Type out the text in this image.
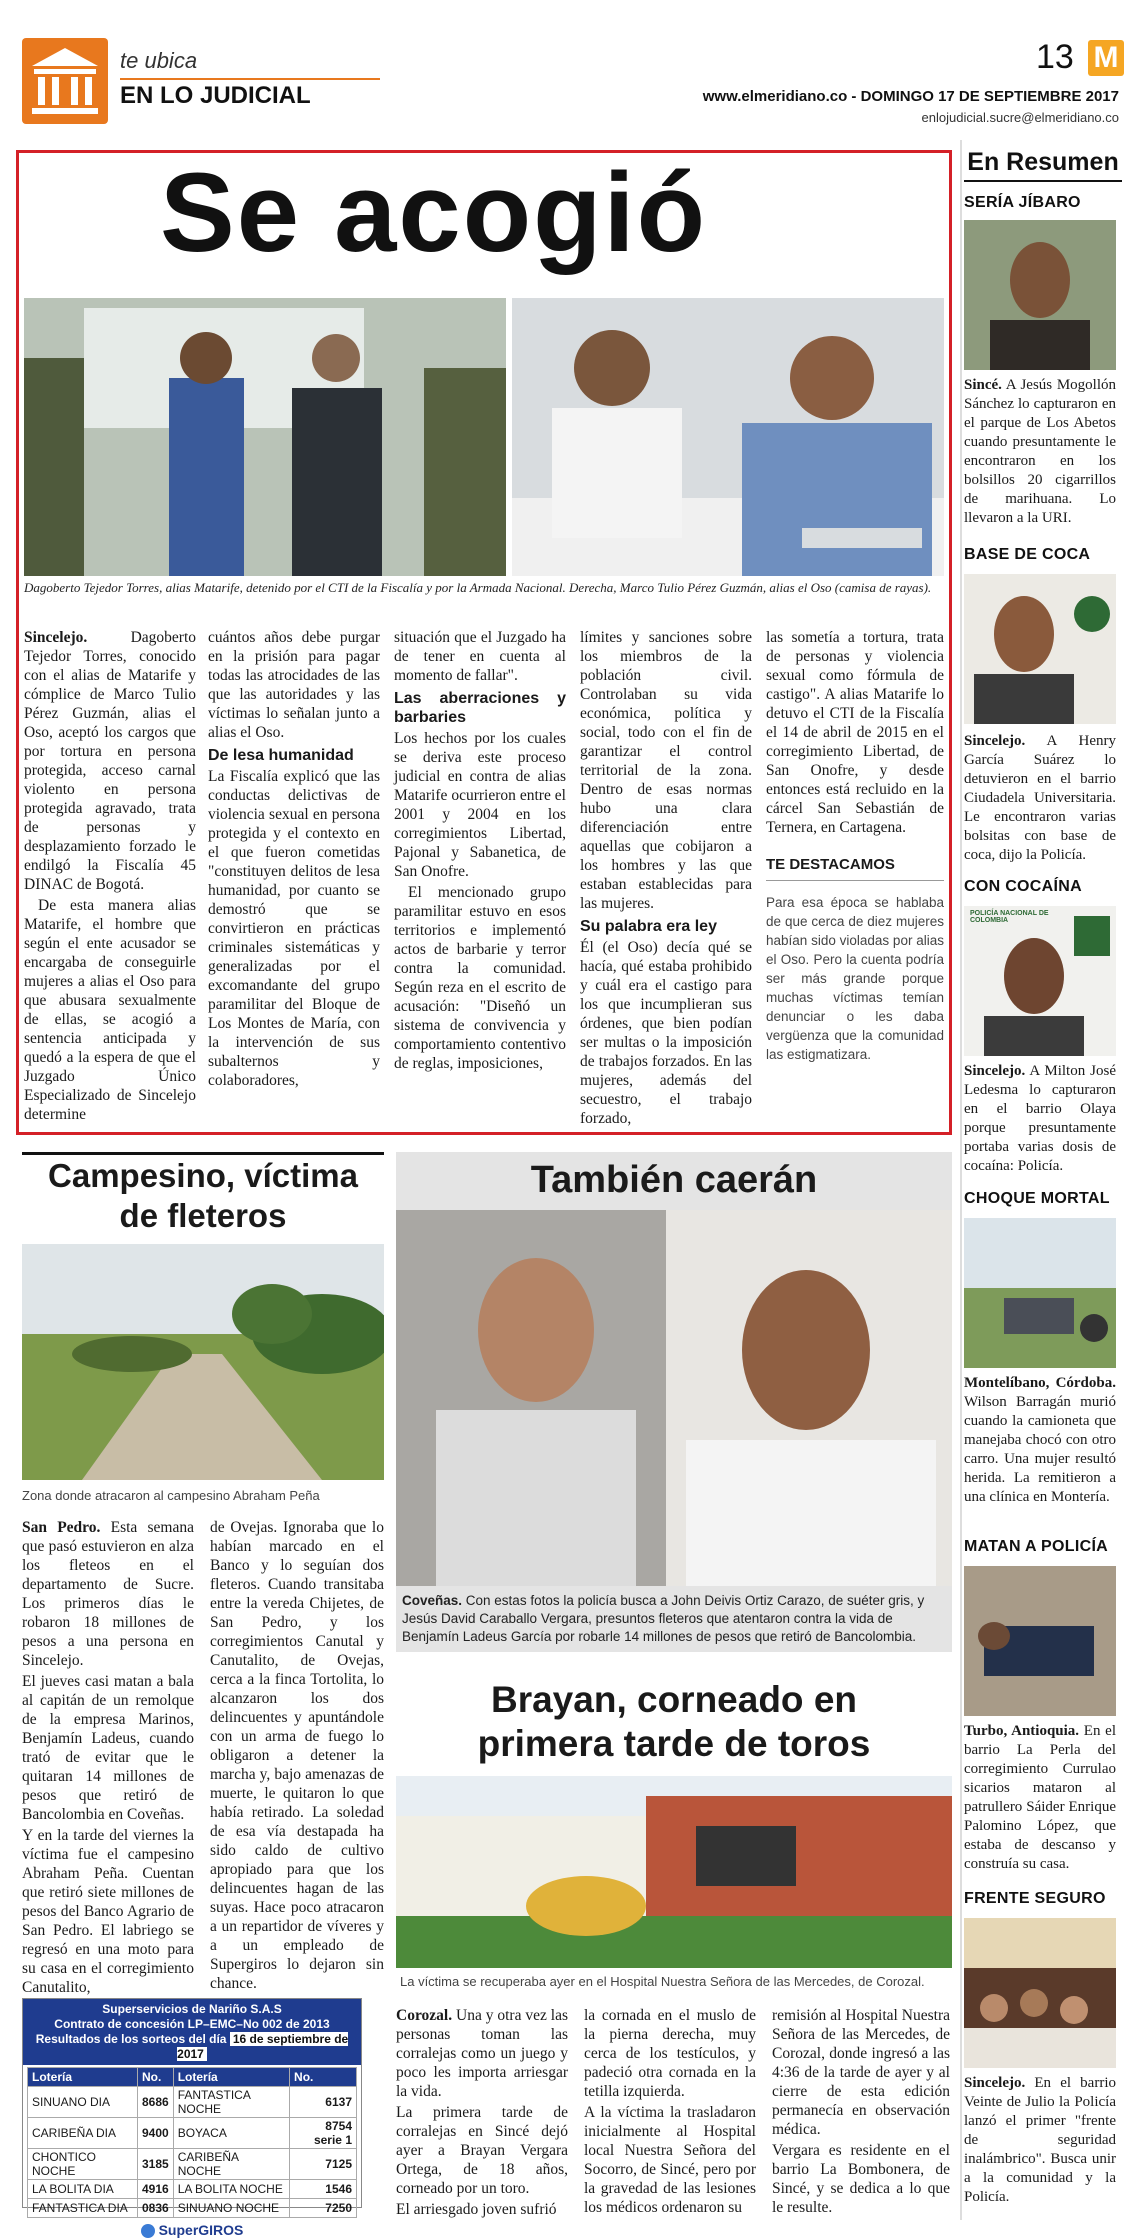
te ubica
EN LO JUDICIAL
13 M
www.elmeridiano.co - DOMINGO 17 DE SEPTIEMBRE 2017
enlojudicial.sucre@elmeridiano.co
Se acogió
Dagoberto Tejedor Torres, alias Matarife, detenido por el CTI de la Fiscalía y por la Armada Nacional. Derecha, Marco Tulio Pérez Guzmán, alias el Oso (camisa de rayas).

Sincelejo. Dagoberto Tejedor Torres, conocido con el alias de Matarife y cómplice de Marco Tulio Pérez Guzmán, alias el Oso, aceptó los cargos que por tortura en persona protegida, acceso carnal violento en persona protegida agravado, trata de personas y desplazamiento forzado le endilgó la Fiscalía 45 DINAC de Bogotá.

De esta manera alias Matarife, el hombre que según el ente acusador se encargaba de conseguirle mujeres a alias el Oso para que abusara sexualmente de ellas, se acogió a sentencia anticipada y quedó a la espera de que el Juzgado Único Especializado de Sincelejo determine

cuántos años debe purgar en la prisión para pagar todas las atrocidades de las que las autoridades y las víctimas lo señalan junto a alias el Oso.

De lesa humanidad

La Fiscalía explicó que las conductas delictivas de violencia sexual en persona protegida y el contexto en el que fueron cometidas "constituyen delitos de lesa humanidad, por cuanto se demostró que se convirtieron en prácticas criminales sistemáticas y generalizadas por el excomandante del grupo paramilitar del Bloque de Los Montes de María, con la intervención de sus subalternos y colaboradores,

situación que el Juzgado ha de tener en cuenta al momento de fallar".

Las aberraciones y barbaries

Los hechos por los cuales se deriva este proceso judicial en contra de alias Matarife ocurrieron entre el 2001 y 2004 en los corregimientos Libertad, Pajonal y Sabanetica, de San Onofre.

El mencionado grupo paramilitar estuvo en esos territorios e implementó actos de barbarie y terror contra la comunidad. Según reza en el escrito de acusación: "Diseñó un sistema de convivencia y comportamiento contentivo de reglas, imposiciones,

límites y sanciones sobre los miembros de la población civil. Controlaban su vida económica, política y social, todo con el fin de garantizar el control territorial de la zona. Dentro de esas normas hubo una clara diferenciación entre aquellas que cobijaron a los hombres y las que estaban establecidas para las mujeres.

Su palabra era ley

Él (el Oso) decía qué se hacía, qué estaba prohibido y cuál era el castigo para los que incumplieran sus órdenes, que bien podían ser multas o la imposición de trabajos forzados. En las mujeres, además del secuestro, el trabajo forzado,

las sometía a tortura, trata de personas y violencia sexual como fórmula de castigo". A alias Matarife lo detuvo el CTI de la Fiscalía el 14 de abril de 2015 en el corregimiento Libertad, de San Onofre, y desde entonces está recluido en la cárcel San Sebastián de Ternera, en Cartagena.

TE DESTACAMOS

Para esa época se hablaba de que cerca de diez mujeres habían sido violadas por alias el Oso. Pero la cuenta podría ser más grande porque muchas víctimas temían denunciar o les daba vergüenza que la comunidad las estigmatizara.

Campesino, víctima
de fleteros
Zona donde atracaron al campesino Abraham Peña

San Pedro. Esta semana que pasó estuvieron en alza los fleteos en el departamento de Sucre. Los primeros días le robaron 18 millones de pesos a una persona en Sincelejo.

El jueves casi matan a bala al capitán de un remolque de la empresa Marinos, Benjamín Ladeus, cuando trató de evitar que le quitaran 14 millones de pesos que retiró de Bancolombia en Coveñas.

Y en la tarde del viernes la víctima fue el campesino Abraham Peña. Cuentan que retiró siete millones de pesos del Banco Agrario de San Pedro. El labriego se regresó en una moto para su casa en el corregimiento Canutalito,

de Ovejas. Ignoraba que lo habían marcado en el Banco y lo seguían dos fleteros. Cuando transitaba entre la vereda Chijetes, de San Pedro, y los corregimientos Canutal y Canutalito, de Ovejas, cerca a la finca Tortolita, lo alcanzaron los dos delincuentes y apuntándole con un arma de fuego lo obligaron a detener la marcha y, bajo amenazas de muerte, le quitaron lo que había retirado. La soledad de esa vía destapada ha sido caldo de cultivo apropiado para que los delincuentes hagan de las suyas. Hace poco atracaron a un repartidor de víveres y a un empleado de Supergiros lo dejaron sin chance.

Superservicios de Nariño S.A.S
Contrato de concesión LP–EMC–No 002 de 2013
Resultados de los sorteos del día 16 de septiembre de 2017
Lotería	No.	Lotería	No.
SINUANO DIA	8686	FANTASTICA NOCHE	6137
CARIBEÑA DIA	9400	BOYACA	8754 serie 1
CHONTICO NOCHE	3185	CARIBEÑA NOCHE	7125
LA BOLITA DIA	4916	LA BOLITA NOCHE	1546
FANTASTICA DIA	0836	SINUANO NOCHE	7250
SuperGIROS
También caerán
Coveñas. Con estas fotos la policía busca a John Deivis Ortiz Carazo, de suéter gris, y Jesús David Caraballo Vergara, presuntos fleteros que atentaron contra la vida de Benjamín Ladeus García por robarle 14 millones de pesos que retiró de Bancolombia.
Brayan, corneado en
primera tarde de toros
La víctima se recuperaba ayer en el Hospital Nuestra Señora de las Mercedes, de Corozal.

Corozal. Una y otra vez las personas toman las corralejas como un juego y poco les importa arriesgar la vida.

La primera tarde de corralejas en Sincé dejó ayer a Brayan Vergara Ortega, de 18 años, corneado por un toro.

El arriesgado joven sufrió

la cornada en el muslo de la pierna derecha, muy cerca de los testículos, y padeció otra cornada en la tetilla izquierda.

A la víctima la trasladaron inicialmente al Hospital local Nuestra Señora del Socorro, de Sincé, pero por la gravedad de las lesiones los médicos ordenaron su

remisión al Hospital Nuestra Señora de las Mercedes, de Corozal, donde ingresó a las 4:36 de la tarde de ayer y al cierre de esta edición permanecía en observación médica.

Vergara es residente en el barrio La Bombonera, de Sincé, y se dedica a lo que le resulte.

En Resumen
SERÍA JÍBARO
Sincé. A Jesús Mogollón Sánchez lo capturaron en el parque de Los Abetos cuando presuntamente le encontraron en los bolsillos 20 cigarrillos de marihuana. Lo llevaron a la URI.
BASE DE COCA
Sincelejo. A Henry García Suárez lo detuvieron en el barrio Ciudadela Universitaria. Le encontraron varias bolsitas con base de coca, dijo la Policía.
CON COCAÍNA
POLICÍA NACIONAL DE COLOMBIA
Sincelejo. A Milton José Ledesma lo capturaron en el barrio Olaya porque presuntamente portaba varias dosis de cocaína: Policía.
CHOQUE MORTAL
Montelíbano, Córdoba. Wilson Barragán murió cuando la camioneta que manejaba chocó con otro carro. Una mujer resultó herida. La remitieron a una clínica en Montería.
MATAN A POLICÍA
Turbo, Antioquia. En el barrio La Perla del corregimiento Currulao sicarios mataron al patrullero Sáider Enrique Palomino López, que estaba de descanso y construía su casa.
FRENTE SEGURO
Sincelejo. En el barrio Veinte de Julio la Policía lanzó el primer "frente de seguridad inalámbrico". Busca unir a la comunidad y la Policía.
